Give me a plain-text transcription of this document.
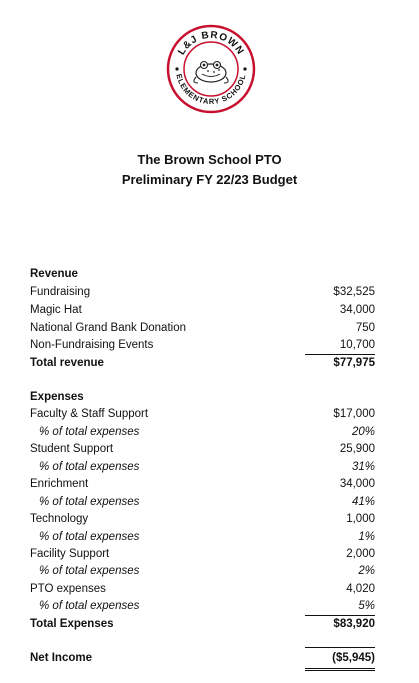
L&J BROWN
ELEMENTARY SCHOOL
The Brown School PTO
Preliminary FY 22/23 Budget
Revenue
Fundraising	$32,525
Magic Hat	34,000
National Grand Bank Donation	750
Non-Fundraising Events	10,700
Total revenue	$77,975
Expenses
Faculty & Staff Support	$17,000
% of total expenses	20%
Student Support	25,900
% of total expenses	31%
Enrichment	34,000
% of total expenses	41%
Technology	1,000
% of total expenses	1%
Facility Support	2,000
% of total expenses	2%
PTO expenses	4,020
% of total expenses	5%
Total Expenses	$83,920
Net Income	($5,945)
